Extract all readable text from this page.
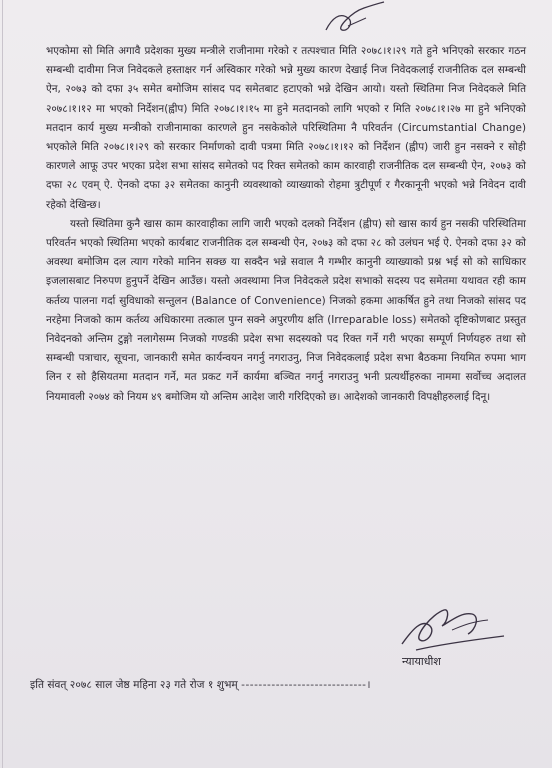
भएकोमा सो मिति अगावै प्रदेशका मुख्य मन्त्रीले राजीनामा गरेको र तत्पश्चात मिति २०७८।१।२९ गते हुने भनिएको सरकार गठन सम्बन्धी दावीमा निज निवेदकले हस्ताक्षर गर्न अस्विकार गरेको भन्ने मुख्य कारण देखाई निज निवेदकलाई राजनीतिक दल सम्बन्धी ऐन, २०७३ को दफा ३५ समेत बमोजिम सांसद पद समेतबाट हटाएको भन्ने देखिन आयो। यस्तो स्थितिमा निज निवेदकले मिति २०७८।१।१२ मा भएको निर्देशन(ह्वीप) मिति २०७८।१।१५ मा हुने मतदानको लागि भएको र मिति २०७८।१।२७ मा हुने भनिएको मतदान कार्य मुख्य मन्त्रीको राजीनामाका कारणले हुन नसकेकोले परिस्थितिमा नै परिवर्तन (Circumstantial Change) भएकोले मिति २०७८।१।२९ को सरकार निर्माणको दावी पत्रमा मिति २०७८।१।१२ को निर्देशन (ह्वीप) जारी हुन नसक्ने र सोही कारणले आफू उपर भएका प्रदेश सभा सांसद समेतको पद रिक्त समेतको काम कारवाही राजनीतिक दल सम्बन्धी ऐन, २०७३ को दफा २८ एवम् ऐ. ऐनको दफा ३२ समेतका कानुनी व्यवस्थाको व्याख्याको रोहमा त्रुटीपूर्ण र गैरकानूनी भएको भन्ने निवेदन दावी रहेको देखिन्छ।

यस्तो स्थितिमा कुनै खास काम कारवाहीका लागि जारी भएको दलको निर्देशन (ह्वीप) सो खास कार्य हुन नसकी परिस्थितिमा परिवर्तन भएको स्थितिमा भएको कार्यबाट राजनीतिक दल सम्बन्धी ऐन, २०७३ को दफा २८ को उलंघन भई ऐ. ऐनको दफा ३२ को अवस्था बमोजिम दल त्याग गरेको मानिन सक्छ या सक्दैन भन्ने सवाल नै गम्भीर कानुनी व्याख्याको प्रश्न भई सो को साधिकार इजलासबाट निरुपण हुनुपर्ने देखिन आउँछ। यस्तो अवस्थामा निज निवेदकले प्रदेश सभाको सदस्य पद समेतमा यथावत रही काम कर्तव्य पालना गर्दा सुविधाको सन्तुलन (Balance of Convenience) निजको हकमा आकर्षित हुने तथा निजको सांसद पद नरहेमा निजको काम कर्तव्य अधिकारमा तत्काल पुग्न सक्ने अपुरणीय क्षति (Irreparable loss) समेतको दृष्टिकोणबाट प्रस्तुत निवेदनको अन्तिम टुङ्गो नलागेसम्म निजको गण्डकी प्रदेश सभा सदस्यको पद रिक्त गर्ने गरी भएका सम्पूर्ण निर्णयहरु तथा सो सम्बन्धी पत्राचार, सूचना, जानकारी समेत कार्यन्वयन नगर्नु नगराउनु, निज निवेदकलाई प्रदेश सभा बैठकमा नियमित रुपमा भाग लिन र सो हैसियतमा मतदान गर्ने, मत प्रकट गर्ने कार्यमा बञ्चित नगर्नु नगराउनु भनी प्रत्यर्थीहरुका नाममा सर्वोच्च अदालत नियमावली २०७४ को नियम ४९ बमोजिम यो अन्तिम आदेश जारी गरिदिएको छ। आदेशको जानकारी विपक्षीहरुलाई दिनू।

न्यायाधीश
इति संवत् २०७८ साल जेष्ठ महिना २३ गते रोज १ शुभम् -----------------------------।
